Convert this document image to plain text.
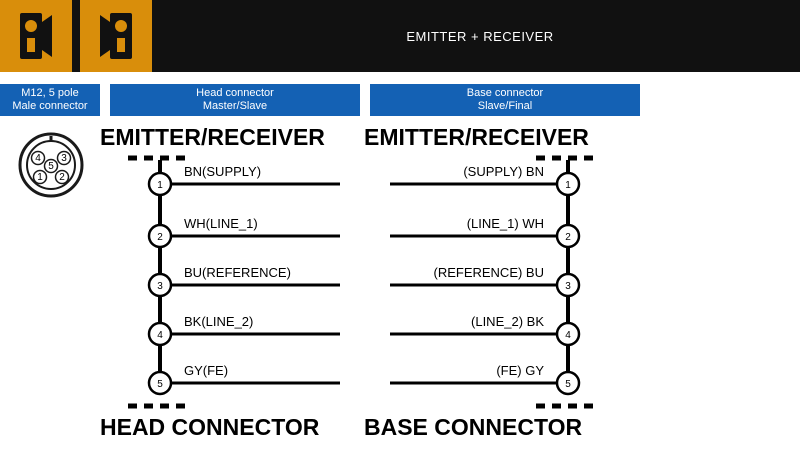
EMITTER + RECEIVER
M12, 5 pole
Male connector
Head connector
Master/Slave
Base connector
Slave/Final
4 3
5
1 2
EMITTER/RECEIVER EMITTER/RECEIVER
HEAD CONNECTOR BASE CONNECTOR
1
2
3
4
5
1
2
3
4
5
BN(SUPPLY)
WH(LINE_1)
BU(REFERENCE)
BK(LINE_2)
GY(FE)
(SUPPLY) BN
(LINE_1) WH
(REFERENCE) BU
(LINE_2) BK
(FE) GY
